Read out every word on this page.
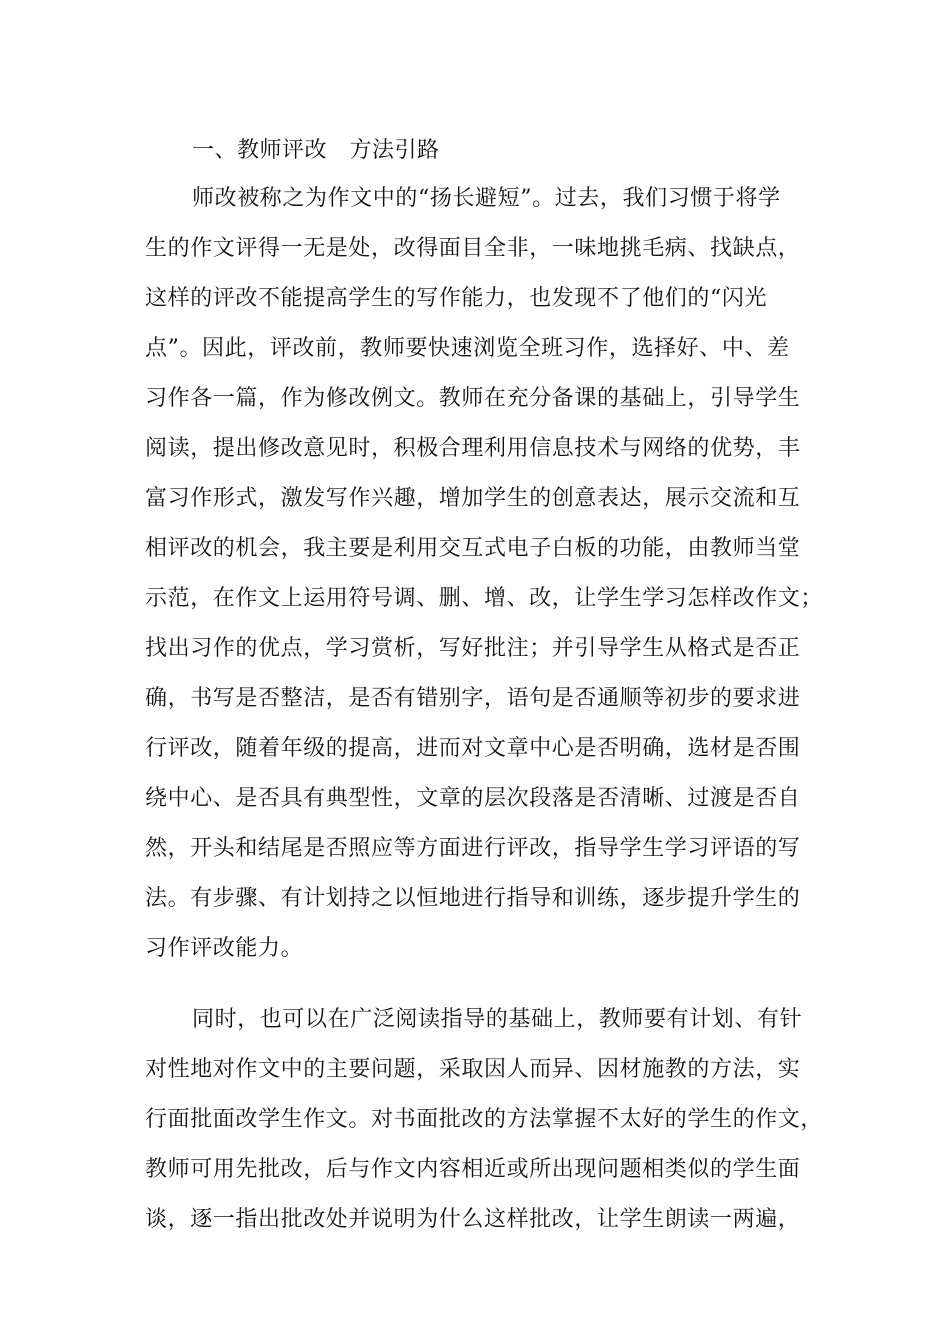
一、教师评改　方法引路
师改被称之为作文中的“扬长避短”。过去，我们习惯于将学
生的作文评得一无是处，改得面目全非，一味地挑毛病、找缺点，
这样的评改不能提高学生的写作能力，也发现不了他们的“闪光
点”。因此，评改前，教师要快速浏览全班习作，选择好、中、差
习作各一篇，作为修改例文。教师在充分备课的基础上，引导学生
阅读，提出修改意见时，积极合理利用信息技术与网络的优势，丰
富习作形式，激发写作兴趣，增加学生的创意表达，展示交流和互
相评改的机会，我主要是利用交互式电子白板的功能，由教师当堂
示范，在作文上运用符号调、删、增、改，让学生学习怎样改作文；
找出习作的优点，学习赏析，写好批注；并引导学生从格式是否正
确，书写是否整洁，是否有错别字，语句是否通顺等初步的要求进
行评改，随着年级的提高，进而对文章中心是否明确，选材是否围
绕中心、是否具有典型性，文章的层次段落是否清晰、过渡是否自
然，开头和结尾是否照应等方面进行评改，指导学生学习评语的写
法。有步骤、有计划持之以恒地进行指导和训练，逐步提升学生的
习作评改能力。
同时，也可以在广泛阅读指导的基础上，教师要有计划、有针
对性地对作文中的主要问题，采取因人而异、因材施教的方法，实
行面批面改学生作文。对书面批改的方法掌握不太好的学生的作文，
教师可用先批改，后与作文内容相近或所出现问题相类似的学生面
谈，逐一指出批改处并说明为什么这样批改，让学生朗读一两遍，
